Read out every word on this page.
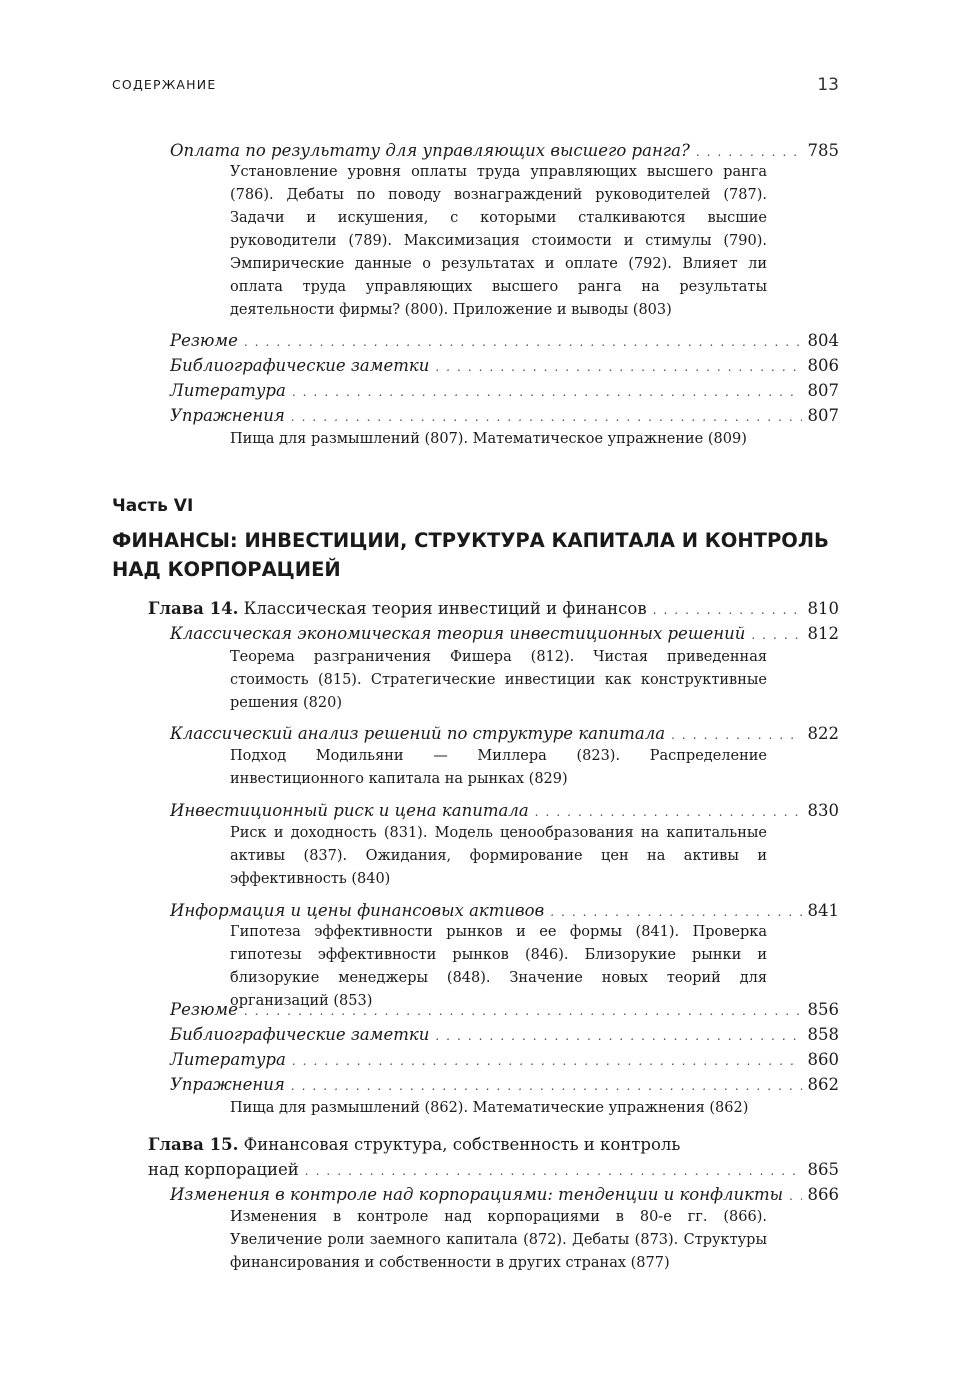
СОДЕРЖАНИЕ	13
Оплата по результату для управляющих высшего ранга? . . .	785
Установление уровня оплаты труда управляющих высшего ранга (786). Дебаты по поводу вознаграждений руководителей (787). Задачи и искушения, с которыми сталкиваются высшие руководители (789). Максимизация стоимости и стимулы (790). Эмпирические данные о результатах и оплате (792). Влияет ли оплата труда управляющих высшего ранга на результаты деятельности фирмы? (800). Приложение и выводы (803)
Резюме . . .	804
Библиографические заметки . . .	806
Литература . . .	807
Упражнения . . .	807
Пища для размышлений (807). Математическое упражнение (809)
Часть VI
ФИНАНСЫ: ИНВЕСТИЦИИ, СТРУКТУРА КАПИТАЛА И КОНТРОЛЬ НАД КОРПОРАЦИЕЙ
Глава 14. Классическая теория инвестиций и финансов . . .	810
Классическая экономическая теория инвестиционных решений . . .	812
Теорема разграничения Фишера (812). Чистая приведенная стоимость (815). Стратегические инвестиции как конструктивные решения (820)
Классический анализ решений по структуре капитала . . .	822
Подход Модильяни — Миллера (823). Распределение инвестиционного капитала на рынках (829)
Инвестиционный риск и цена капитала . . .	830
Риск и доходность (831). Модель ценообразования на капитальные активы (837). Ожидания, формирование цен на активы и эффективность (840)
Информация и цены финансовых активов . . .	841
Гипотеза эффективности рынков и ее формы (841). Проверка гипотезы эффективности рынков (846). Близорукие рынки и близорукие менеджеры (848). Значение новых теорий для организаций (853)
Резюме . . .	856
Библиографические заметки . . .	858
Литература . . .	860
Упражнения . . .	862
Пища для размышлений (862). Математические упражнения (862)
Глава 15. Финансовая структура, собственность и контроль
над корпорацией . . .	865
Изменения в контроле над корпорациями: тенденции и конфликты . . . 866
Изменения в контроле над корпорациями в 80-е гг. (866). Увеличение роли заемного капитала (872). Дебаты (873). Структуры финансирования и собственности в других странах (877)
